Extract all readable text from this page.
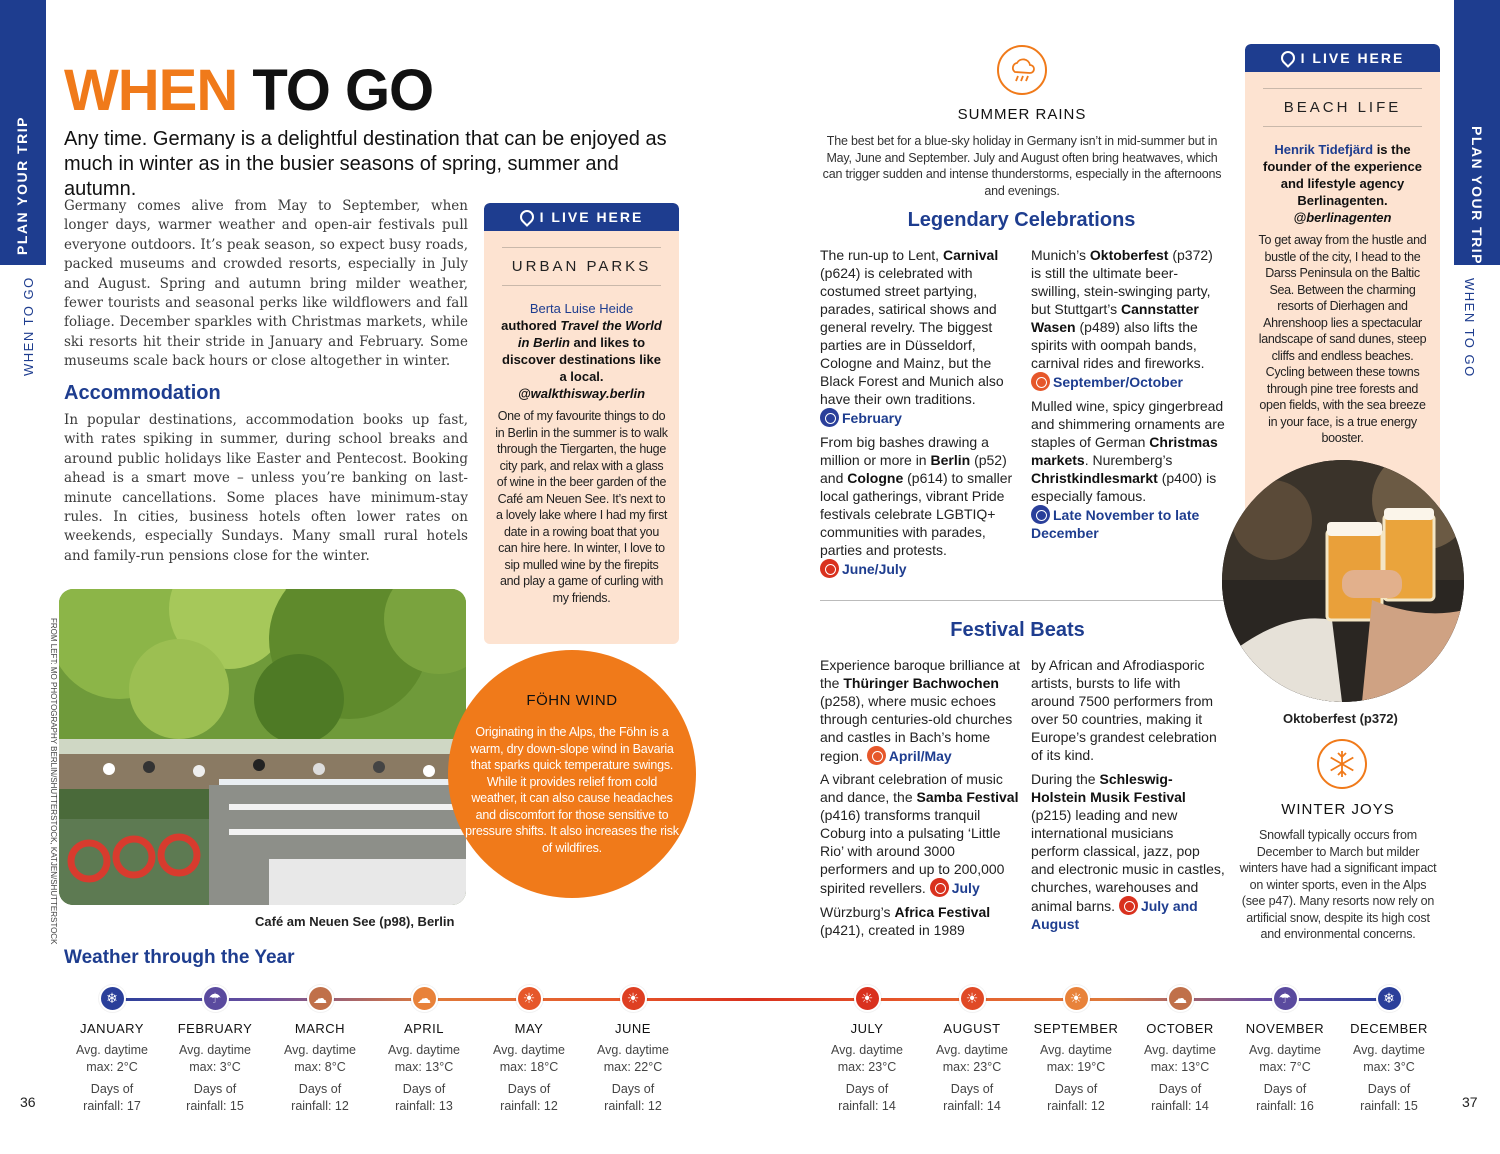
PLAN YOUR TRIP
WHEN TO GO
PLAN YOUR TRIP
WHEN TO GO
36	37
WHEN TO GO

Any time. Germany is a delightful destination that can be enjoyed as much in winter as in the busier seasons of spring, summer and autumn.

Germany comes alive from May to September, when longer days, warmer weather and open-air festivals pull everyone outdoors. It’s peak season, so expect busy roads, packed museums and crowded resorts, especially in July and August. Spring and autumn bring milder weather, fewer tourists and seasonal perks like wildflowers and fall foliage. December sparkles with Christmas markets, while ski resorts hit their stride in January and February. Some museums scale back hours or close altogether in winter.

Accommodation

In popular destinations, accommodation books up fast, with rates spiking in summer, during school breaks and around public holidays like Easter and Pentecost. Booking ahead is a smart move – unless you’re banking on last-minute cancellations. Some places have minimum-stay rules. In cities, business hotels often lower rates on weekends, especially Sundays. Many small rural hotels and family-run pensions close for the winter.

I LIVE HERE
URBAN PARKS
Berta Luise Heide
authored Travel the World in Berlin and likes to discover destinations like a local.
@walkthisway.berlin

One of my favourite things to do in Berlin in the summer is to walk through the Tiergarten, the huge city park, and relax with a glass of wine in the beer garden of the Café am Neuen See. It’s next to a lovely lake where I had my first date in a rowing boat that you can hire here. In winter, I love to sip mulled wine by the firepits and play a game of curling with my friends.

FROM LEFT: MO PHOTOGRAPHY BERLIN/SHUTTERSTOCK, KATJEN/SHUTTERSTOCK	Café am Neuen See (p98), Berlin
FÖHN WIND
Originating in the Alps, the Föhn is a warm, dry down-slope wind in Bavaria that sparks quick temperature swings. While it provides relief from cold weather, it can also cause headaches and discomfort for those sensitive to pressure shifts. It also increases the risk of wildfires.
SUMMER RAINS
The best bet for a blue-sky holiday in Germany isn’t in mid-summer but in May, June and September. July and August often bring heatwaves, which can trigger sudden and intense thunderstorms, especially in the afternoons and evenings.
Legendary Celebrations
The run-up to Lent, Carnival (p624) is celebrated with costumed street partying, parades, satirical shows and general revelry. The biggest parties are in Düsseldorf, Cologne and Mainz, but the Black Forest and Munich also have their own traditions.
February
From big bashes drawing a million or more in Berlin (p52) and Cologne (p614) to smaller local gatherings, vibrant Pride festivals celebrate LGBTIQ+ communities with parades, parties and protests.
June/July
Munich’s Oktoberfest (p372) is still the ultimate beer-swilling, stein-swinging party, but Stuttgart’s Cannstatter Wasen (p489) also lifts the spirits with oompah bands, carnival rides and fireworks.
September/October
Mulled wine, spicy gingerbread and shimmering ornaments are staples of German Christmas markets. Nuremberg’s Christkindlesmarkt (p400) is especially famous.
Late November to late December
Festival Beats
Experience baroque brilliance at the Thüringer Bachwochen (p258), where music echoes through centuries-old churches and castles in Bach’s home region. April/May
A vibrant celebration of music and dance, the Samba Festival (p416) transforms tranquil Coburg into a pulsating ‘Little Rio’ with around 3000 performers and up to 200,000 spirited revellers. July
Würzburg’s Africa Festival (p421), created in 1989
by African and Afrodiasporic artists, bursts to life with around 7500 performers from over 50 countries, making it Europe’s grandest celebration of its kind.
During the Schleswig-Holstein Musik Festival (p215) leading and new international musicians perform classical, jazz, pop and electronic music in castles, churches, warehouses and animal barns. July and August
I LIVE HERE
BEACH LIFE
Henrik Tidefjärd is the founder of the experience and lifestyle agency Berlinagenten.
@berlinagenten

To get away from the hustle and bustle of the city, I head to the Darss Peninsula on the Baltic Sea. Between the charming resorts of Dierhagen and Ahrenshoop lies a spectacular landscape of sand dunes, steep cliffs and endless beaches. Cycling between these towns through pine tree forests and open fields, with the sea breeze in your face, is a true energy booster.

Oktoberfest (p372)
WINTER JOYS
Snowfall typically occurs from December to March but milder winters have had a significant impact on winter sports, even in the Alps (see p47). Many resorts now rely on artificial snow, despite its high cost and environmental concerns.
Weather through the Year
❄
JANUARY
Avg. daytime
max: 2°C
Days of
rainfall: 17
☂
FEBRUARY
Avg. daytime
max: 3°C
Days of
rainfall: 15
☁
MARCH
Avg. daytime
max: 8°C
Days of
rainfall: 12
☁
APRIL
Avg. daytime
max: 13°C
Days of
rainfall: 13
☀
MAY
Avg. daytime
max: 18°C
Days of
rainfall: 12
☀
JUNE
Avg. daytime
max: 22°C
Days of
rainfall: 12
☀
JULY
Avg. daytime
max: 23°C
Days of
rainfall: 14
☀
AUGUST
Avg. daytime
max: 23°C
Days of
rainfall: 14
☀
SEPTEMBER
Avg. daytime
max: 19°C
Days of
rainfall: 12
☁
OCTOBER
Avg. daytime
max: 13°C
Days of
rainfall: 14
☂
NOVEMBER
Avg. daytime
max: 7°C
Days of
rainfall: 16
❄
DECEMBER
Avg. daytime
max: 3°C
Days of
rainfall: 15
